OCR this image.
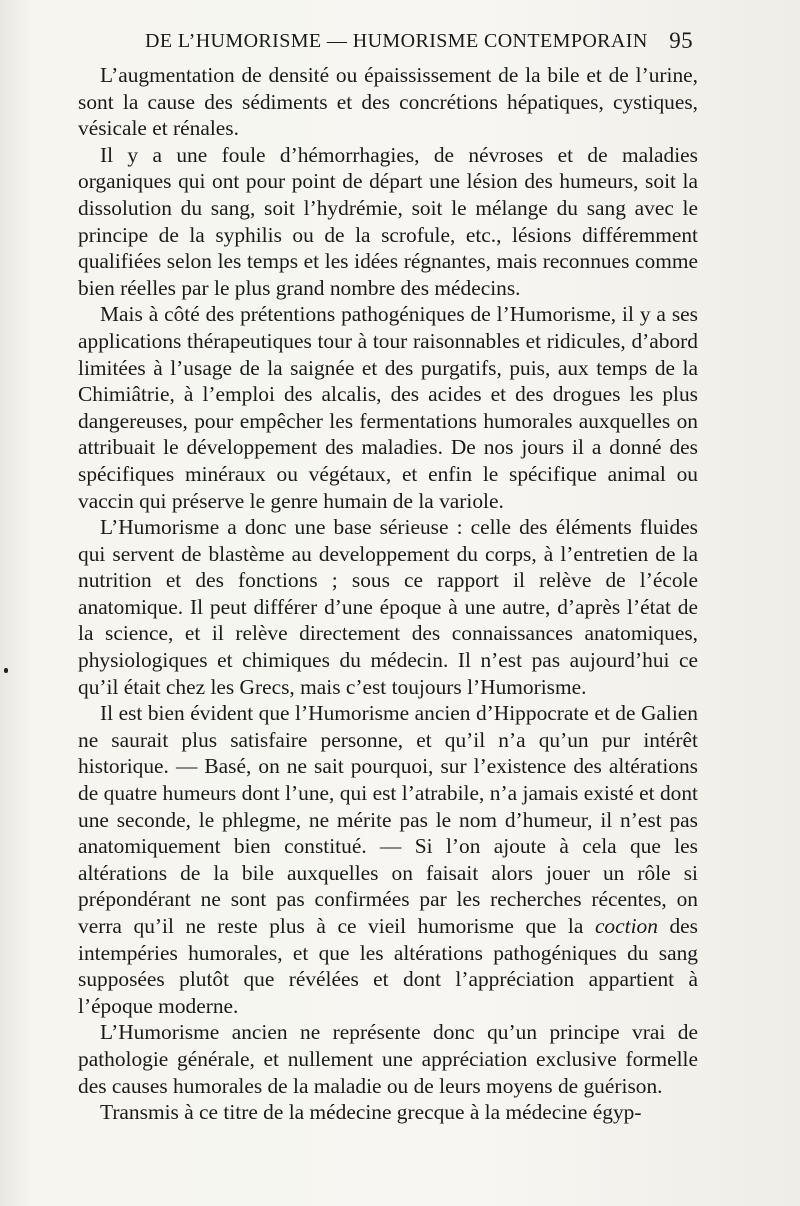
DE L’HUMORISME — HUMORISME CONTEMPORAIN 95

L’augmentation de densité ou épaississement de la bile et de l’urine, sont la cause des sédiments et des concrétions hépatiques, cystiques, vésicale et rénales.

Il y a une foule d’hémorrhagies, de névroses et de maladies organiques qui ont pour point de départ une lésion des humeurs, soit la dissolution du sang, soit l’hydrémie, soit le mélange du sang avec le principe de la syphilis ou de la scrofule, etc., lésions différemment qualifiées selon les temps et les idées régnantes, mais reconnues comme bien réelles par le plus grand nombre des médecins.

Mais à côté des prétentions pathogéniques de l’Humorisme, il y a ses applications thérapeutiques tour à tour raisonnables et ridicules, d’abord limitées à l’usage de la saignée et des purgatifs, puis, aux temps de la Chimiâtrie, à l’emploi des alcalis, des acides et des drogues les plus dangereuses, pour empêcher les fermentations humorales auxquelles on attribuait le développement des maladies. De nos jours il a donné des spécifiques minéraux ou végétaux, et enfin le spécifique animal ou vaccin qui préserve le genre humain de la variole.

L’Humorisme a donc une base sérieuse : celle des éléments fluides qui servent de blastème au developpement du corps, à l’entretien de la nutrition et des fonctions ; sous ce rapport il relève de l’école anatomique. Il peut différer d’une époque à une autre, d’après l’état de la science, et il relève directement des connaissances anatomiques, physiologiques et chimiques du médecin. Il n’est pas aujourd’hui ce qu’il était chez les Grecs, mais c’est toujours l’Humorisme.

Il est bien évident que l’Humorisme ancien d’Hippocrate et de Galien ne saurait plus satisfaire personne, et qu’il n’a qu’un pur intérêt historique. — Basé, on ne sait pourquoi, sur l’existence des altérations de quatre humeurs dont l’une, qui est l’atrabile, n’a jamais existé et dont une seconde, le phlegme, ne mérite pas le nom d’humeur, il n’est pas anatomiquement bien constitué. — Si l’on ajoute à cela que les altérations de la bile auxquelles on faisait alors jouer un rôle si prépondérant ne sont pas confirmées par les recherches récentes, on verra qu’il ne reste plus à ce vieil humorisme que la coction des intempéries humorales, et que les altérations pathogéniques du sang supposées plutôt que révélées et dont l’appréciation appartient à l’époque moderne.

L’Humorisme ancien ne représente donc qu’un principe vrai de pathologie générale, et nullement une appréciation exclusive formelle des causes humorales de la maladie ou de leurs moyens de guérison.

Transmis à ce titre de la médecine grecque à la médecine égyp-
